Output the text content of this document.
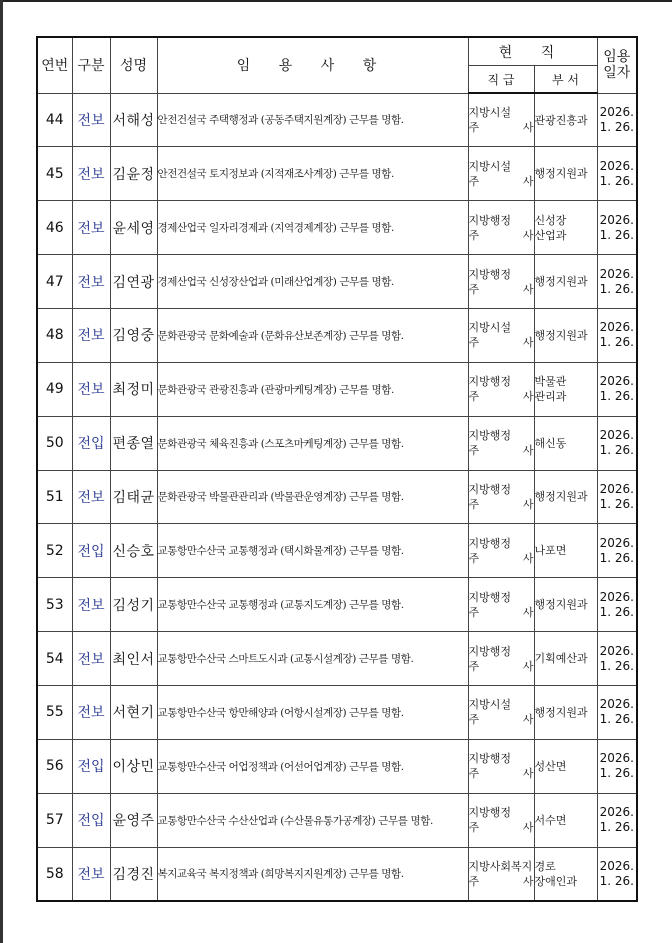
연번	구분	성명	임 용 사 항	현 직		임용
일자

				직 급	부 서	
44	전보	서해성	안전건설국 주택행정과 (공동주택지원계장) 근무를 명함.	지방시설
주 사	관광진흥과	2026.
1. 26.

45	전보	김윤정	안전건설국 토지정보과 (지적재조사계장) 근무를 명함.	지방시설
주 사	행정지원과	2026.
1. 26.

46	전보	윤세영	경제산업국 일자리경제과 (지역경제계장) 근무를 명함.	지방행정
주 사	신성장
산업과	2026.
1. 26.

47	전보	김연광	경제산업국 신성장산업과 (미래산업계장) 근무를 명함.	지방행정
주 사	행정지원과	2026.
1. 26.

48	전보	김영중	문화관광국 문화예술과 (문화유산보존계장) 근무를 명함.	지방시설
주 사	행정지원과	2026.
1. 26.

49	전보	최정미	문화관광국 관광진흥과 (관광마케팅계장) 근무를 명함.	지방행정
주 사	박물관
관리과	2026.
1. 26.

50	전입	편종열	문화관광국 체육진흥과 (스포츠마케팅계장) 근무를 명함.	지방행정
주 사	해신동	2026.
1. 26.

51	전보	김태균	문화관광국 박물관관리과 (박물관운영계장) 근무를 명함.	지방행정
주 사	행정지원과	2026.
1. 26.

52	전입	신승호	교통항만수산국 교통행정과 (택시화물계장) 근무를 명함.	지방행정
주 사	나포면	2026.
1. 26.

53	전보	김성기	교통항만수산국 교통행정과 (교통지도계장) 근무를 명함.	지방행정
주 사	행정지원과	2026.
1. 26.

54	전보	최인서	교통항만수산국 스마트도시과 (교통시설계장) 근무를 명함.	지방행정
주 사	기획예산과	2026.
1. 26.

55	전보	서현기	교통항만수산국 항만해양과 (어항시설계장) 근무를 명함.	지방시설
주 사	행정지원과	2026.
1. 26.

56	전입	이상민	교통항만수산국 어업정책과 (어선어업계장) 근무를 명함.	지방행정
주 사	성산면	2026.
1. 26.

57	전입	윤영주	교통항만수산국 수산산업과 (수산물유통가공계장) 근무를 명함.	지방행정
주 사	서수면	2026.
1. 26.

58	전보	김경진	복지교육국 복지정책과 (희망복지지원계장) 근무를 명함.	지방사회복지
주 사	경로
장애인과	2026.
1. 26.
